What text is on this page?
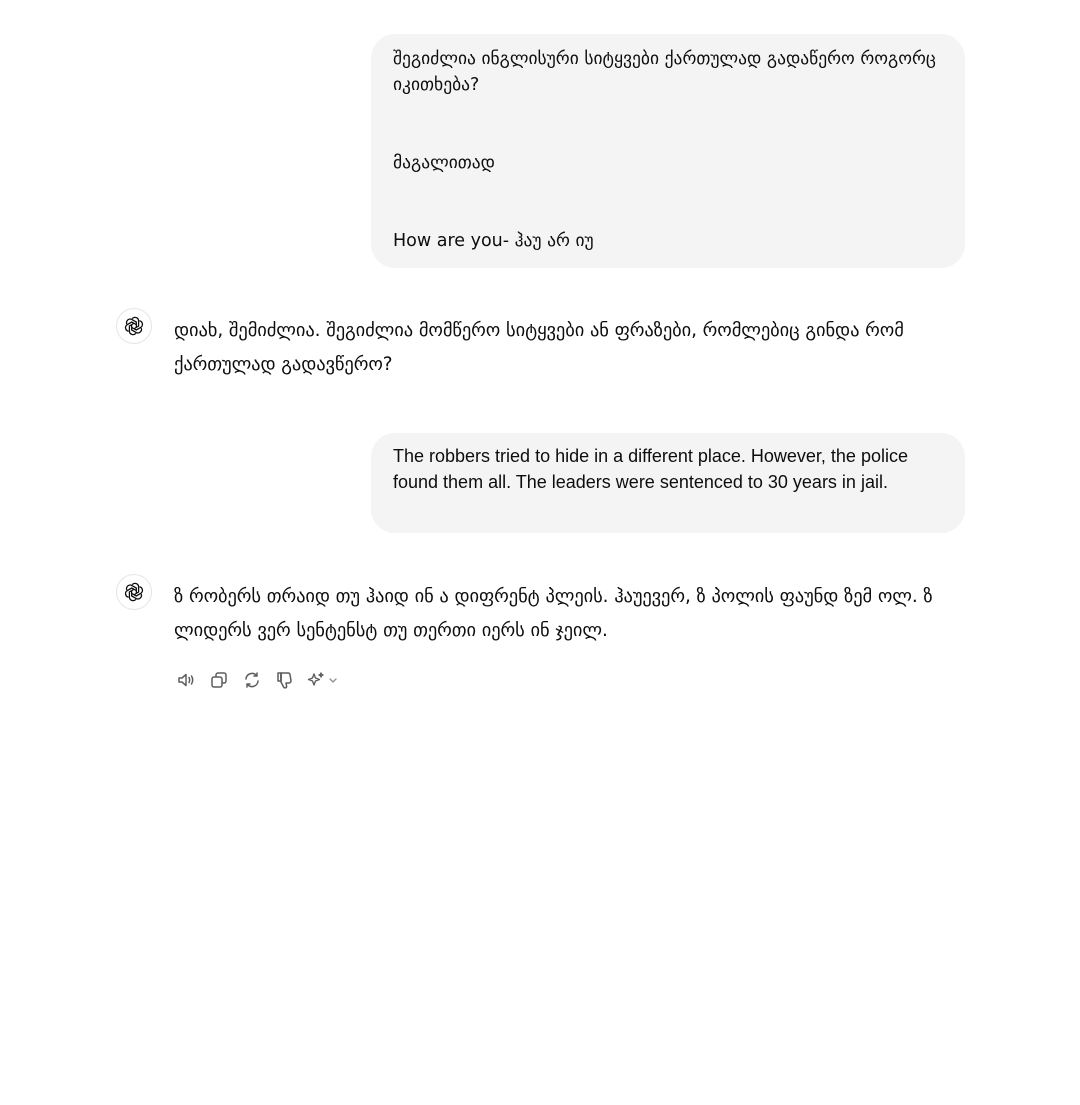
შეგიძლია ინგლისური სიტყვები ქართულად გადაწერო როგორც იკითხება?

მაგალითად

How are you- ჰაუ არ იუ
დიახ, შემიძლია. შეგიძლია მომწერო სიტყვები ან ფრაზები, რომლებიც გინდა რომ ქართულად გადავწერო?
The robbers tried to hide in a different place. However, the police found them all. The leaders were sentenced to 30 years in jail.
ზ რობერს თრაიდ თუ ჰაიდ ინ ა დიფრენტ პლეის. ჰაუევერ, ზ პოლის ფაუნდ ზემ ოლ. ზ ლიდერს ვერ სენტენსტ თუ თერთი იერს ინ ჯეილ.
